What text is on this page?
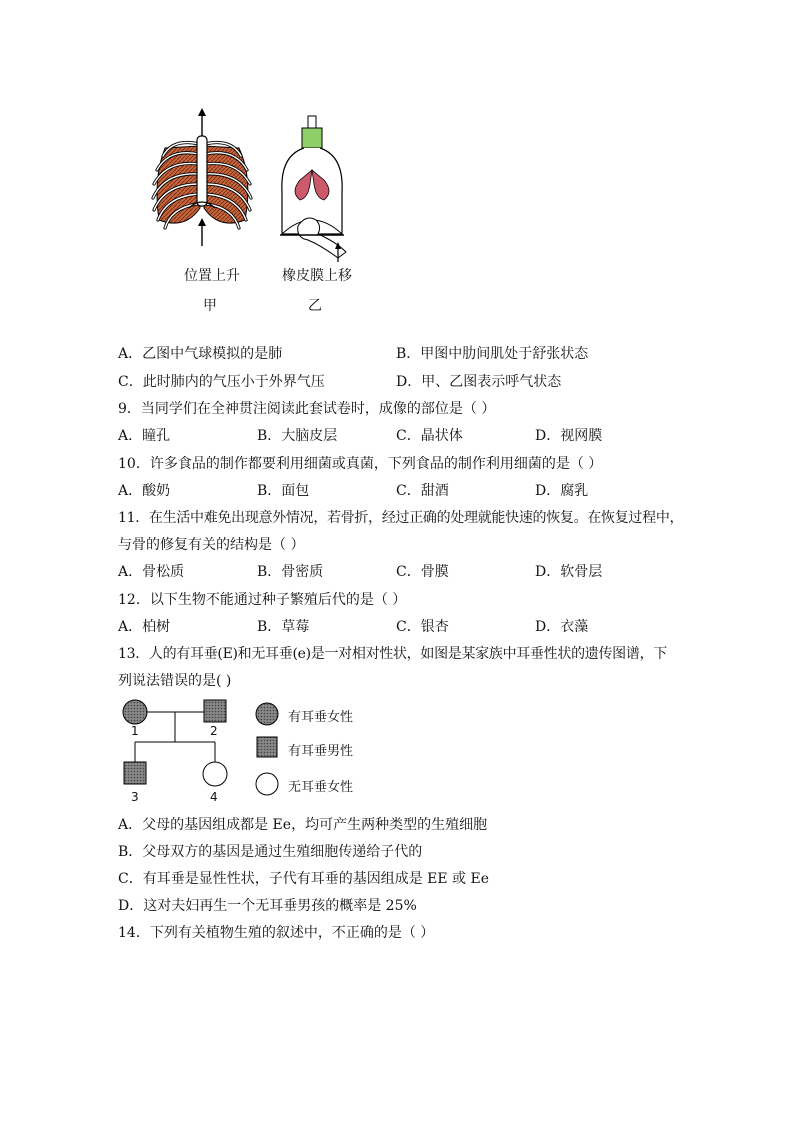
位置上升
甲
橡皮膜上移
乙
A．乙图中气球模拟的是肺	B．甲图中肋间肌处于舒张状态
C．此时肺内的气压小于外界气压	D．甲、乙图表示呼气状态
9．当同学们在全神贯注阅读此套试卷时，成像的部位是（ ）
A．瞳孔	B．大脑皮层	C．晶状体	D．视网膜
10．许多食品的制作都要利用细菌或真菌，下列食品的制作利用细菌的是（ ）
A．酸奶	B．面包	C．甜酒	D．腐乳
11．在生活中难免出现意外情况，若骨折，经过正确的处理就能快速的恢复。在恢复过程中，
与骨的修复有关的结构是（ ）
A．骨松质	B．骨密质	C．骨膜	D．软骨层
12．以下生物不能通过种子繁殖后代的是（ ）
A．柏树	B．草莓	C．银杏	D．衣藻
13．人的有耳垂(E)和无耳垂(e)是一对相对性状，如图是某家族中耳垂性状的遗传图谱，下
列说法错误的是( )
1	2
3	4
有耳垂女性
有耳垂男性
无耳垂女性
A．父母的基因组成都是 Ee，均可产生两种类型的生殖细胞
B．父母双方的基因是通过生殖细胞传递给子代的
C．有耳垂是显性性状，子代有耳垂的基因组成是 EE 或 Ee
D．这对夫妇再生一个无耳垂男孩的概率是 25%
14．下列有关植物生殖的叙述中，不正确的是（ ）
